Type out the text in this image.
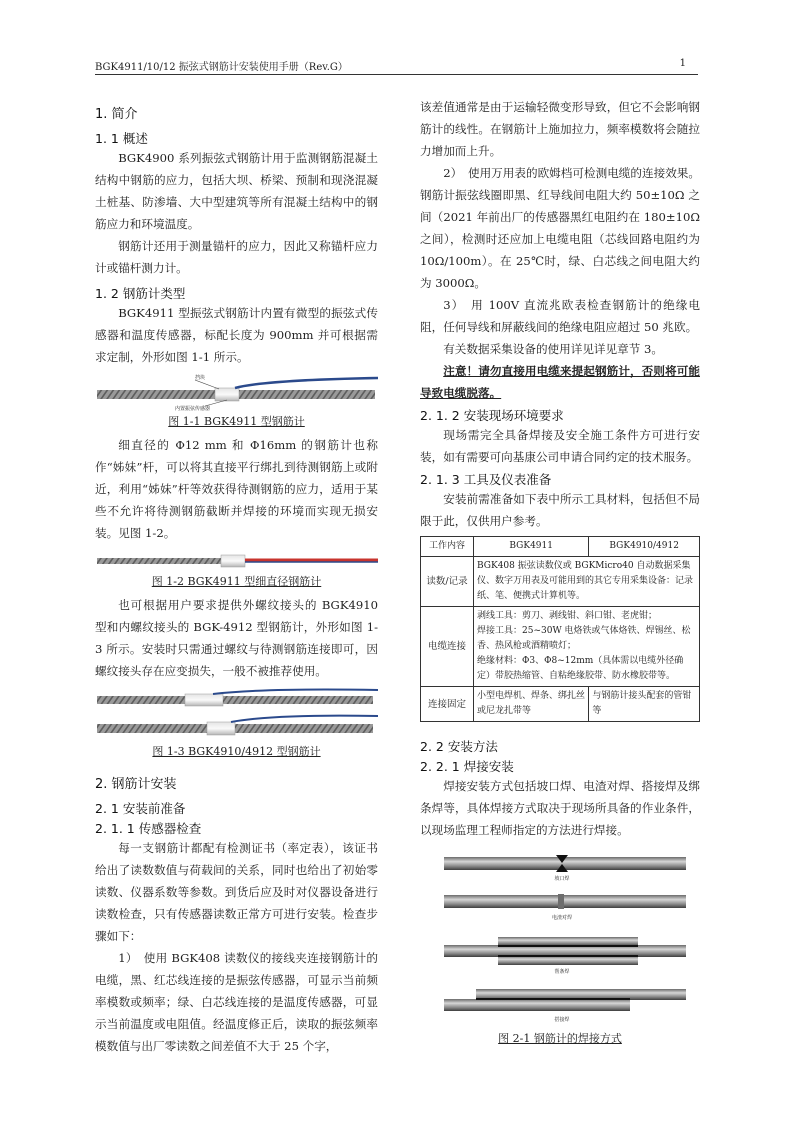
BGK4911/10/12 振弦式钢筋计安装使用手册（Rev.G）	1
1. 简介
1. 1 概述

BGK4900 系列振弦式钢筋计用于监测钢筋混凝土结构中钢筋的应力，包括大坝、桥梁、预制和现浇混凝土桩基、防渗墙、大中型建筑等所有混凝土结构中的钢筋应力和环境温度。

钢筋计还用于测量锚杆的应力，因此又称锚杆应力计或锚杆测力计。

1. 2 钢筋计类型

BGK4911 型振弦式钢筋计内置有微型的振弦式传感器和温度传感器，标配长度为 900mm 并可根据需求定制，外形如图 1-1 所示。

挡块
内置振弦传感器
图 1-1 BGK4911 型钢筋计

细直径的 Φ12 mm 和 Φ16mm 的钢筋计也称作“姊妹”杆，可以将其直接平行绑扎到待测钢筋上或附近，利用“姊妹”杆等效获得待测钢筋的应力，适用于某些不允许将待测钢筋截断并焊接的环境而实现无损安装。见图 1-2。

图 1-2 BGK4911 型细直径钢筋计

也可根据用户要求提供外螺纹接头的 BGK4910 型和内螺纹接头的 BGK-4912 型钢筋计，外形如图 1-3 所示。安装时只需通过螺纹与待测钢筋连接即可，因螺纹接头存在应变损失，一般不被推荐使用。

图 1-3 BGK4910/4912 型钢筋计
2. 钢筋计安装
2. 1 安装前准备
2. 1. 1 传感器检查

每一支钢筋计都配有检测证书（率定表），该证书给出了读数数值与荷载间的关系，同时也给出了初始零读数、仪器系数等参数。到货后应及时对仪器设备进行读数检查，只有传感器读数正常方可进行安装。检查步骤如下：

1）　使用 BGK408 读数仪的接线夹连接钢筋计的电缆，黑、红芯线连接的是振弦传感器，可显示当前频率模数或频率；绿、白芯线连接的是温度传感器，可显示当前温度或电阻值。经温度修正后，读取的振弦频率模数值与出厂零读数之间差值不大于 25 个字，

该差值通常是由于运输轻微变形导致，但它不会影响钢筋计的线性。在钢筋计上施加拉力，频率模数将会随拉力增加而上升。

2）　使用万用表的欧姆档可检测电缆的连接效果。钢筋计振弦线圈即黑、红导线间电阻大约 50±10Ω 之间（2021 年前出厂的传感器黑红电阻约在 180±10Ω 之间），检测时还应加上电缆电阻（芯线回路电阻约为 10Ω/100m）。在 25℃时，绿、白芯线之间电阻大约为 3000Ω。

3）　用 100V 直流兆欧表检查钢筋计的绝缘电阻，任何导线和屏蔽线间的绝缘电阻应超过 50 兆欧。

有关数据采集设备的使用详见详见章节 3。

注意！请勿直接用电缆来提起钢筋计，否则将可能导致电缆脱落。

2. 1. 2 安装现场环境要求

现场需完全具备焊接及安全施工条件方可进行安装，如有需要可向基康公司申请合同约定的技术服务。

2. 1. 3 工具及仪表准备

安装前需准备如下表中所示工具材料，包括但不局限于此，仅供用户参考。

工作内容	BGK4911	BGK4910/4912
读数/记录	BGK408 振弦读数仪或 BGKMicro40 自动数据采集仪、数字万用表及可能用到的其它专用采集设备：记录纸、笔、便携式计算机等。	
电缆连接	剥线工具：剪刀、剥线钳、斜口钳、老虎钳；
焊接工具：25~30W 电烙铁或气体烙铁、焊锡丝、松香、热风枪或酒精喷灯；
绝缘材料：Φ3、Φ8~12mm（具体需以电缆外径确定）带胶热缩管、自粘绝缘胶带、防水橡胶带等。	

连接固定	小型电焊机、焊条、绑扎丝或尼龙扎带等	与钢筋计接头配套的管钳等
2. 2 安装方法
2. 2. 1 焊接安装

焊接安装方式包括坡口焊、电渣对焊、搭接焊及绑条焊等，具体焊接方式取决于现场所具备的作业条件，以现场监理工程师指定的方法进行焊接。

坡口焊
电渣对焊
帮条焊
搭接焊
图 2-1 钢筋计的焊接方式
